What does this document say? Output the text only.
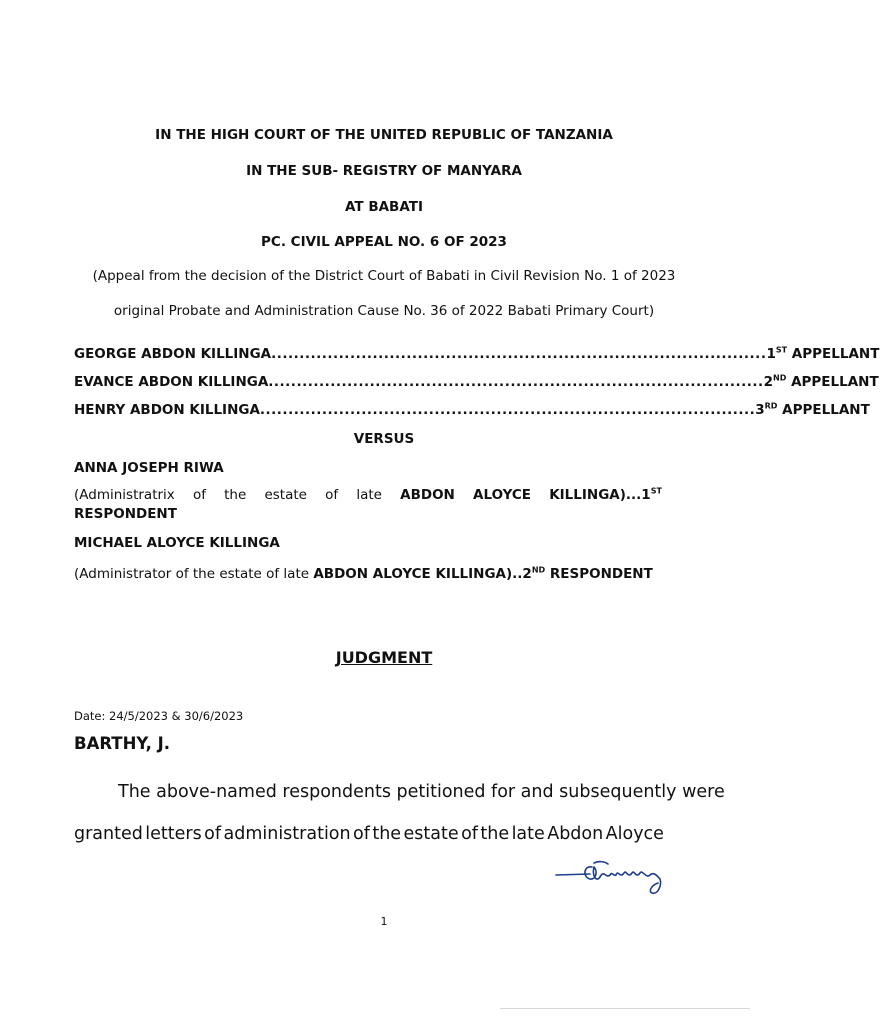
IN THE HIGH COURT OF THE UNITED REPUBLIC OF TANZANIA
IN THE SUB- REGISTRY OF MANYARA
AT BABATI
PC. CIVIL APPEAL NO. 6 OF 2023
(Appeal from the decision of the District Court of Babati in Civil Revision No. 1 of 2023
original Probate and Administration Cause No. 36 of 2022 Babati Primary Court)
GEORGE ABDON KILLINGA ........................................................................................ 1ST APPELLANT
EVANCE ABDON KILLINGA ........................................................................................ 2ND APPELLANT
HENRY ABDON KILLINGA ........................................................................................ 3RD APPELLANT
VERSUS
ANNA JOSEPH RIWA
(Administratrix of the estate of late ABDON ALOYCE KILLINGA)...1ST
RESPONDENT
MICHAEL ALOYCE KILLINGA
(Administrator of the estate of late ABDON ALOYCE KILLINGA)..2ND RESPONDENT
JUDGMENT
Date: 24/5/2023 & 30/6/2023
BARTHY, J.
The above-named respondents petitioned for and subsequently were
granted letters of administration of the estate of the late Abdon Aloyce
1
